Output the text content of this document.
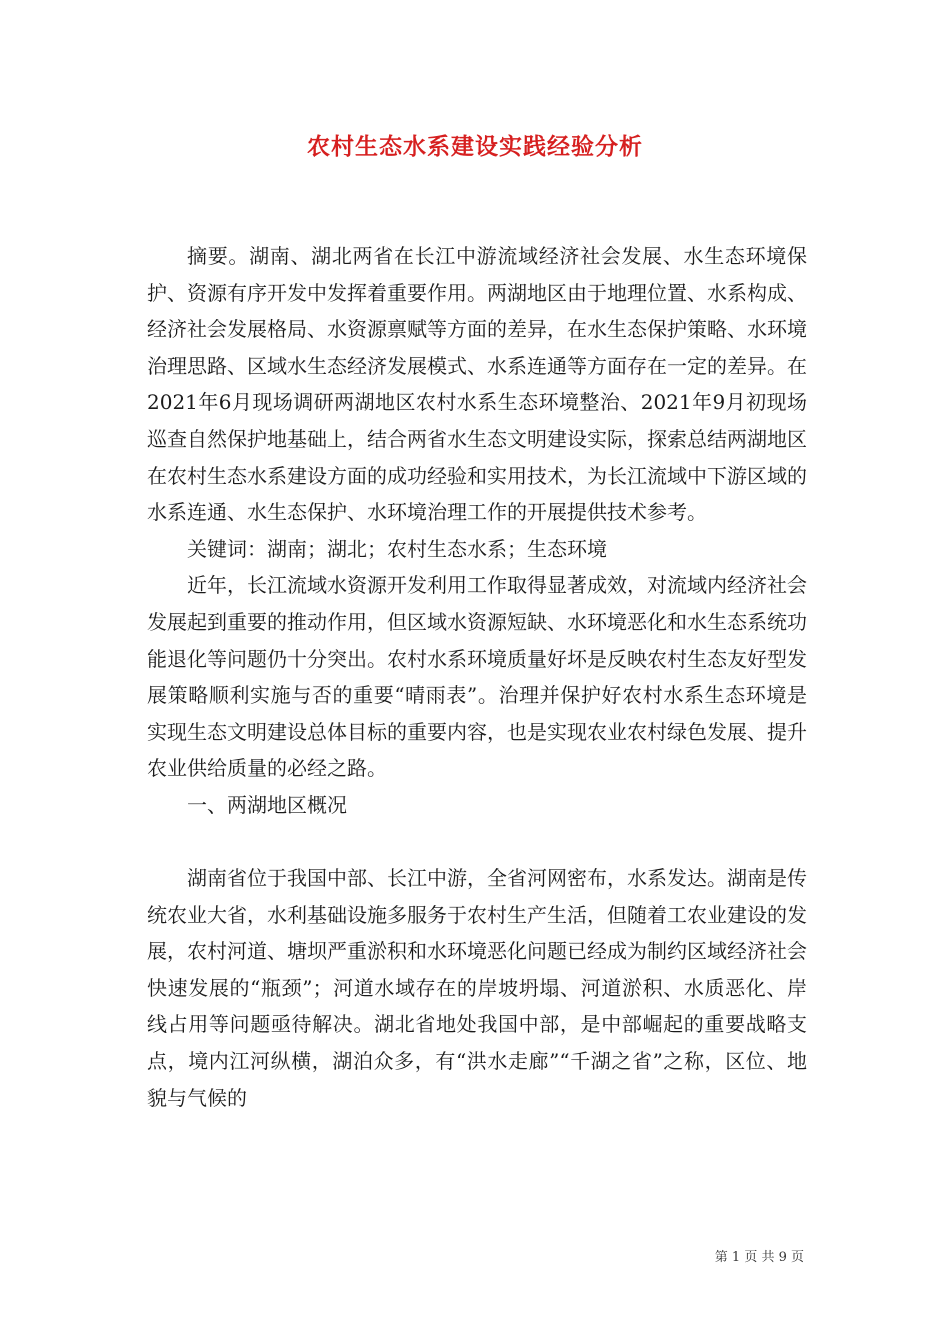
农村生态水系建设实践经验分析

摘要。湖南、湖北两省在长江中游流域经济社会发展、水生态环境保护、资源有序开发中发挥着重要作用。两湖地区由于地理位置、水系构成、经济社会发展格局、水资源禀赋等方面的差异，在水生态保护策略、水环境治理思路、区域水生态经济发展模式、水系连通等方面存在一定的差异。在2021年6月现场调研两湖地区农村水系生态环境整治、2021年9月初现场巡查自然保护地基础上，结合两省水生态文明建设实际，探索总结两湖地区在农村生态水系建设方面的成功经验和实用技术，为长江流域中下游区域的水系连通、水生态保护、水环境治理工作的开展提供技术参考。

关键词：湖南；湖北；农村生态水系；生态环境

近年，长江流域水资源开发利用工作取得显著成效，对流域内经济社会发展起到重要的推动作用，但区域水资源短缺、水环境恶化和水生态系统功能退化等问题仍十分突出。农村水系环境质量好坏是反映农村生态友好型发展策略顺利实施与否的重要“晴雨表”。治理并保护好农村水系生态环境是实现生态文明建设总体目标的重要内容，也是实现农业农村绿色发展、提升农业供给质量的必经之路。

一、两湖地区概况

湖南省位于我国中部、长江中游，全省河网密布，水系发达。湖南是传统农业大省，水利基础设施多服务于农村生产生活，但随着工农业建设的发展，农村河道、塘坝严重淤积和水环境恶化问题已经成为制约区域经济社会快速发展的“瓶颈”；河道水域存在的岸坡坍塌、河道淤积、水质恶化、岸线占用等问题亟待解决。湖北省地处我国中部，是中部崛起的重要战略支点，境内江河纵横，湖泊众多，有“洪水走廊”“千湖之省”之称，区位、地貌与气候的

第 1 页 共 9 页
